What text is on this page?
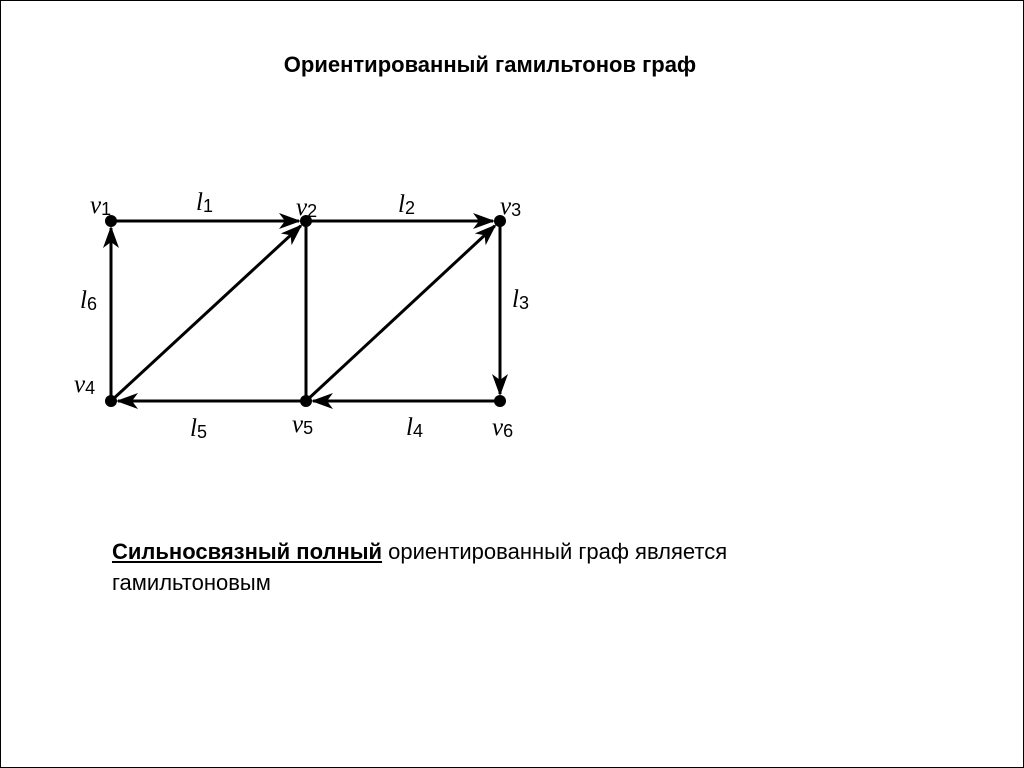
Ориентированный гамильтонов граф
v1	v2	v3
v4
v5	v6
l1	l2
l3
l4
l5
l6
Сильносвязный полный ориентированный граф является гамильтоновым
